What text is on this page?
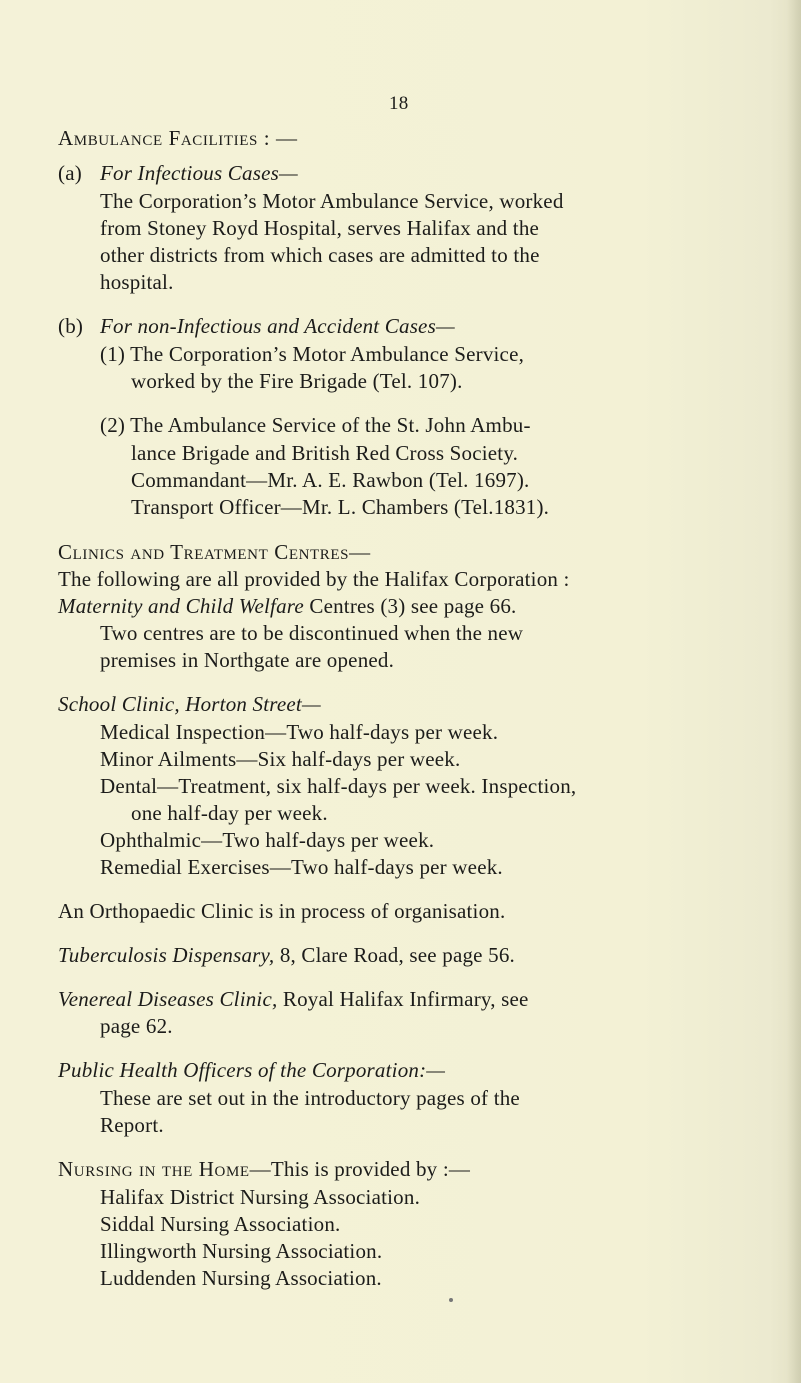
18
Ambulance Facilities : —
(a) For Infectious Cases—
The Corporation’s Motor Ambulance Service, worked
from Stoney Royd Hospital, serves Halifax and the
other districts from which cases are admitted to the
hospital.
(b) For non-Infectious and Accident Cases—
(1) The Corporation’s Motor Ambulance Service,
worked by the Fire Brigade (Tel. 107).
(2) The Ambulance Service of the St. John Ambu-
lance Brigade and British Red Cross Society.
Commandant—Mr. A. E. Rawbon (Tel. 1697).
Transport Officer—Mr. L. Chambers (Tel.1831).
Clinics and Treatment Centres—
The following are all provided by the Halifax Corporation :
Maternity and Child Welfare Centres (3) see page 66.
Two centres are to be discontinued when the new
premises in Northgate are opened.
School Clinic, Horton Street—
Medical Inspection—Two half-days per week.
Minor Ailments—Six half-days per week.
Dental—Treatment, six half-days per week. Inspection,
one half-day per week.
Ophthalmic—Two half-days per week.
Remedial Exercises—Two half-days per week.
An Orthopaedic Clinic is in process of organisation.
Tuberculosis Dispensary, 8, Clare Road, see page 56.
Venereal Diseases Clinic, Royal Halifax Infirmary, see
page 62.
Public Health Officers of the Corporation:—
These are set out in the introductory pages of the
Report.
Nursing in the Home—This is provided by :—
Halifax District Nursing Association.
Siddal Nursing Association.
Illingworth Nursing Association.
Luddenden Nursing Association.
